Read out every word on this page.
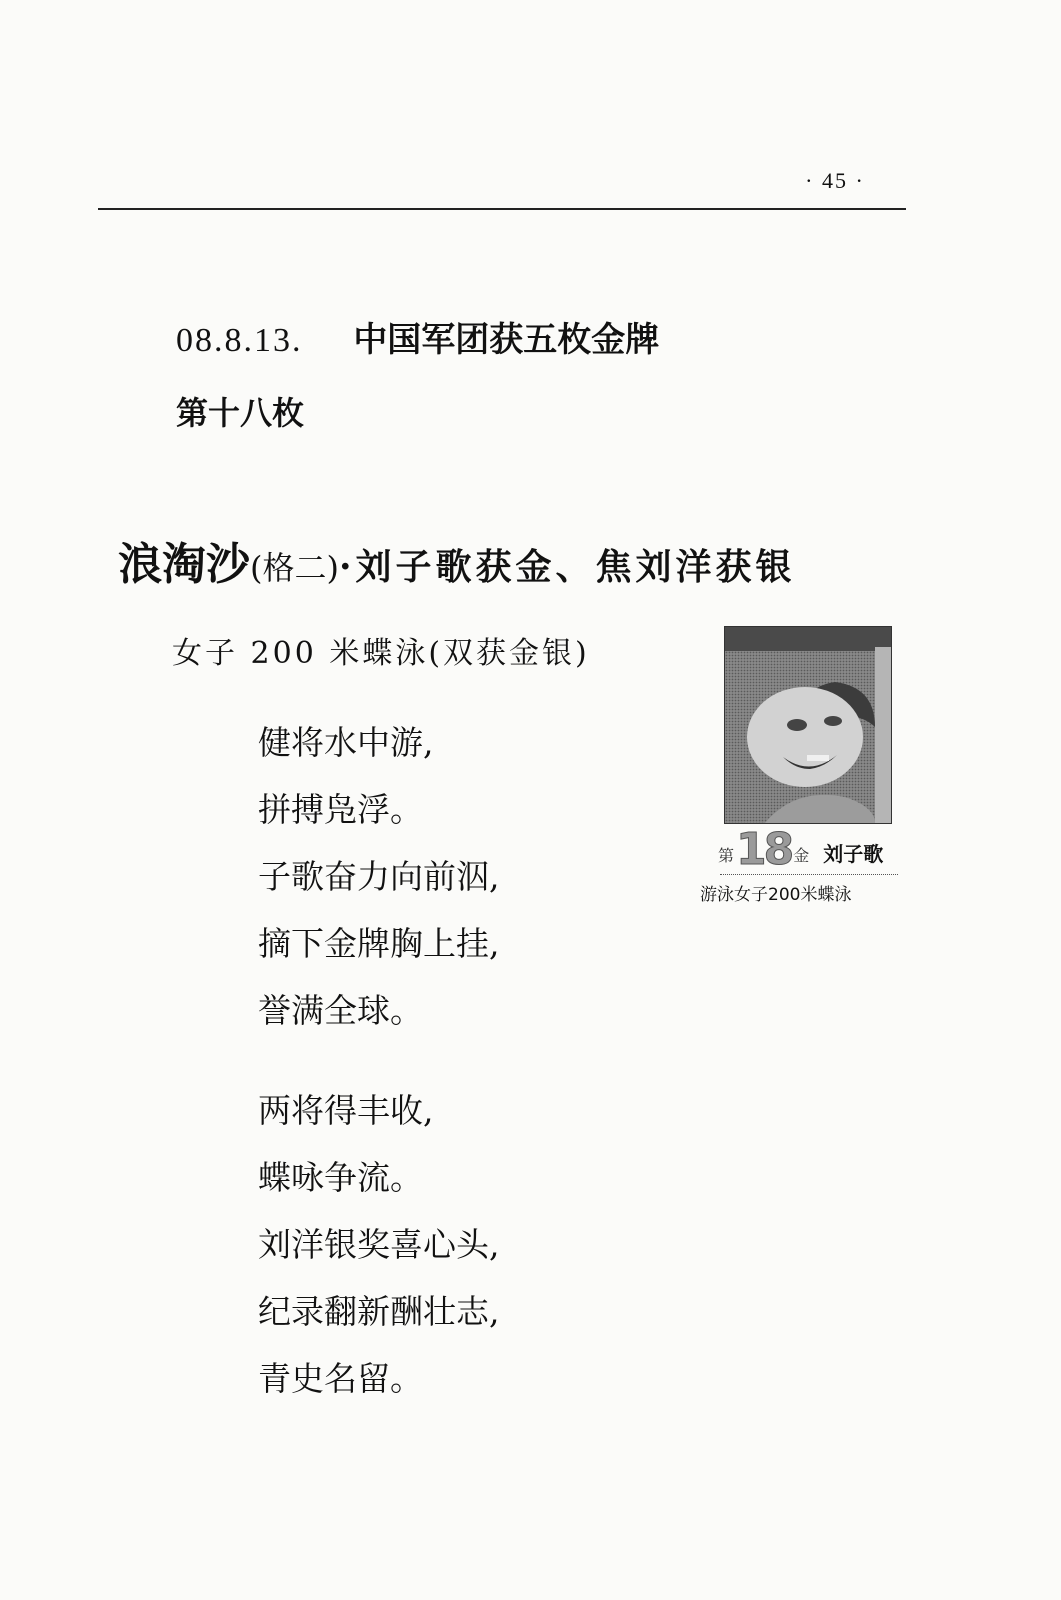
· 45 ·
08.8.13. 中国军团获五枚金牌
第十八枚
浪淘沙(格二)·刘子歌获金、焦刘洋获银
女子 200 米蝶泳(双获金银)
健将水中游,
拼搏凫浮。
子歌奋力向前泅,
摘下金牌胸上挂,
誉满全球。
两将得丰收,
蝶咏争流。
刘洋银奖喜心头,
纪录翻新酬壮志,
青史名留。
第 18 金 刘子歌
游泳女子200米蝶泳
